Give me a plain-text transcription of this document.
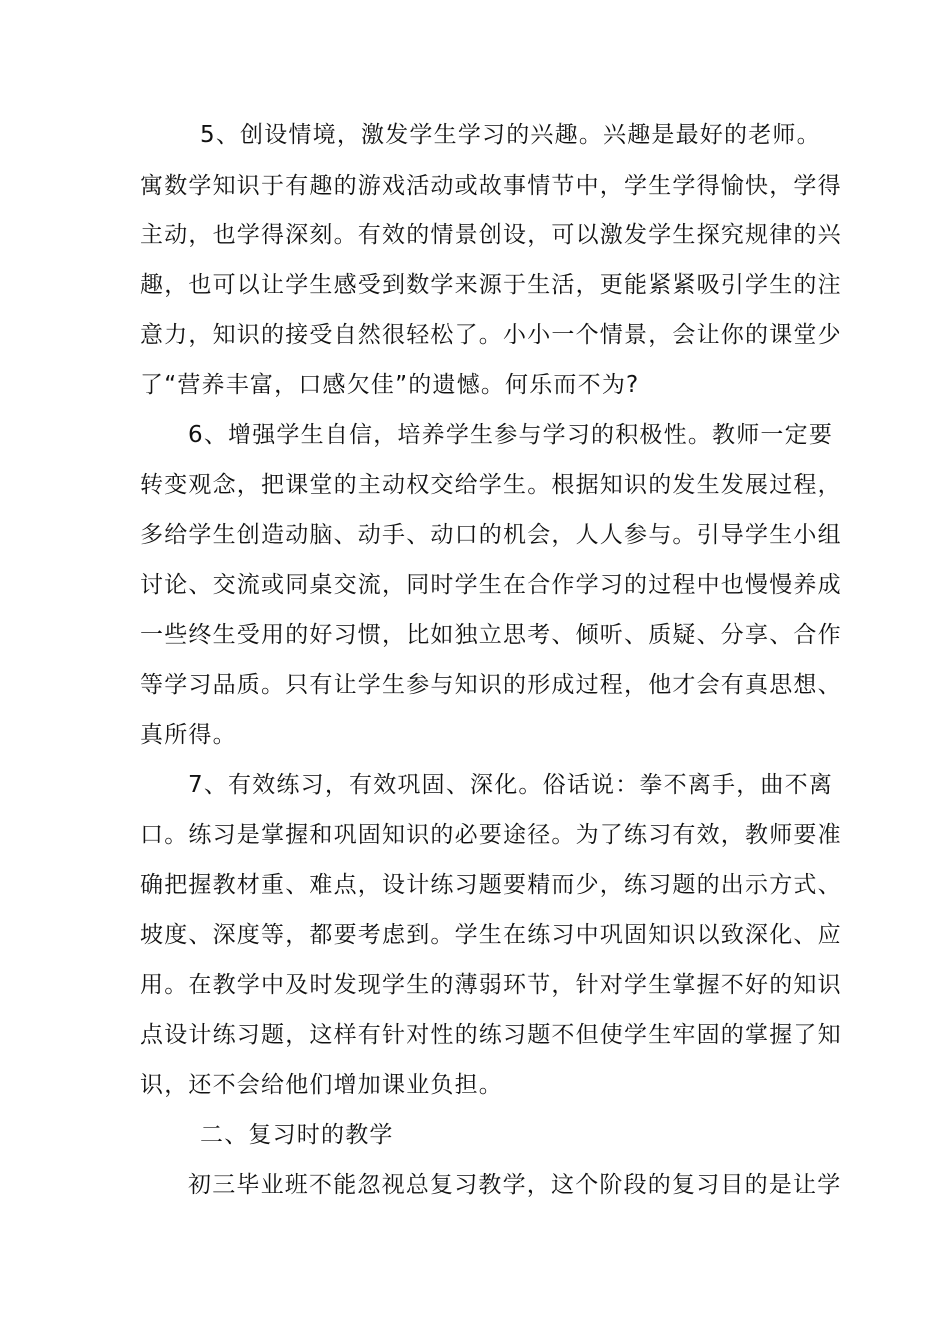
5、创设情境，激发学生学习的兴趣。兴趣是最好的老师。
寓数学知识于有趣的游戏活动或故事情节中，学生学得愉快，学得
主动，也学得深刻。有效的情景创设，可以激发学生探究规律的兴
趣，也可以让学生感受到数学来源于生活，更能紧紧吸引学生的注
意力，知识的接受自然很轻松了。小小一个情景，会让你的课堂少
了“营养丰富，口感欠佳”的遗憾。何乐而不为?
6、增强学生自信，培养学生参与学习的积极性。教师一定要
转变观念，把课堂的主动权交给学生。根据知识的发生发展过程，
多给学生创造动脑、动手、动口的机会，人人参与。引导学生小组
讨论、交流或同桌交流，同时学生在合作学习的过程中也慢慢养成
一些终生受用的好习惯，比如独立思考、倾听、质疑、分享、合作
等学习品质。只有让学生参与知识的形成过程，他才会有真思想、
真所得。
7、有效练习，有效巩固、深化。俗话说：拳不离手，曲不离
口。练习是掌握和巩固知识的必要途径。为了练习有效，教师要准
确把握教材重、难点，设计练习题要精而少，练习题的出示方式、
坡度、深度等，都要考虑到。学生在练习中巩固知识以致深化、应
用。在教学中及时发现学生的薄弱环节，针对学生掌握不好的知识
点设计练习题，这样有针对性的练习题不但使学生牢固的掌握了知
识，还不会给他们增加课业负担。
二、复习时的教学
初三毕业班不能忽视总复习教学，这个阶段的复习目的是让学
